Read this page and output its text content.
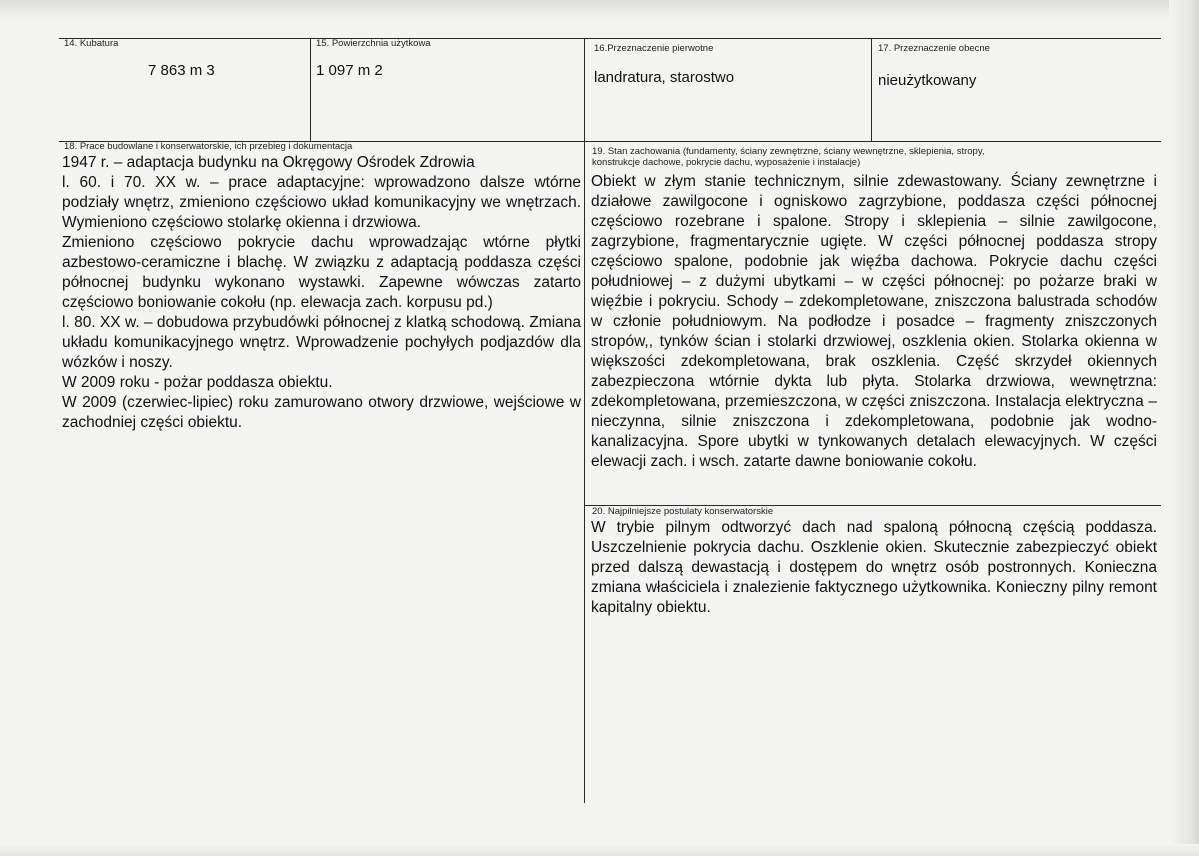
14. Kubatura
7 863 m 3
15. Powierzchnia użytkowa
1 097 m 2
16.Przeznaczenie pierwotne
landratura, starostwo
17. Przeznaczenie obecne
nieużytkowany
18. Prace budowlane i konserwatorskie, ich przebieg i dokumentacja

1947 r. – adaptacja budynku na Okręgowy Ośrodek Zdrowia

l. 60. i 70. XX w. – prace adaptacyjne: wprowadzono dalsze wtórne podziały wnętrz, zmieniono częściowo układ komunikacyjny we wnętrzach. Wymieniono częściowo stolarkę okienna i drzwiowa.

Zmieniono częściowo pokrycie dachu wprowadzając wtórne płytki azbestowo-ceramiczne i blachę. W związku z adaptacją poddasza części północnej budynku wykonano wystawki. Zapewne wówczas zatarto częściowo boniowanie cokołu (np. elewacja zach. korpusu pd.)

l. 80. XX w. – dobudowa przybudówki północnej z klatką schodową. Zmiana układu komunikacyjnego wnętrz. Wprowadzenie pochyłych podjazdów dla wózków i noszy.

W 2009 roku - pożar poddasza obiektu.

W 2009 (czerwiec-lipiec) roku zamurowano otwory drzwiowe, wejściowe w zachodniej części obiektu.

19. Stan zachowania (fundamenty, ściany zewnętrzne, ściany wewnętrzne, sklepienia, stropy,
konstrukcje dachowe, pokrycie dachu, wyposażenie i instalacje)

Obiekt w złym stanie technicznym, silnie zdewastowany. Ściany zewnętrzne i działowe zawilgocone i ogniskowo zagrzybione, poddasza części północnej częściowo rozebrane i spalone. Stropy i sklepienia – silnie zawilgocone, zagrzybione, fragmentarycznie ugięte. W części północnej poddasza stropy częściowo spalone, podobnie jak więźba dachowa. Pokrycie dachu części południowej – z dużymi ubytkami – w części północnej: po pożarze braki w więźbie i pokryciu. Schody – zdekompletowane, zniszczona balustrada schodów w członie południowym. Na podłodze i posadce – fragmenty zniszczonych stropów,, tynków ścian i stolarki drzwiowej, oszklenia okien. Stolarka okienna w większości zdekompletowana, brak oszklenia. Część skrzydeł okiennych zabezpieczona wtórnie dykta lub płyta. Stolarka drzwiowa, wewnętrzna: zdekompletowana, przemieszczona, w części zniszczona. Instalacja elektryczna – nieczynna, silnie zniszczona i zdekompletowana, podobnie jak wodno-kanalizacyjna. Spore ubytki w tynkowanych detalach elewacyjnych. W części elewacji zach. i wsch. zatarte dawne boniowanie cokołu.

20. Najpilniejsze postulaty konserwatorskie

W trybie pilnym odtworzyć dach nad spaloną północną częścią poddasza. Uszczelnienie pokrycia dachu. Oszklenie okien. Skutecznie zabezpieczyć obiekt przed dalszą dewastacją i dostępem do wnętrz osób postronnych. Konieczna zmiana właściciela i znalezienie faktycznego użytkownika. Konieczny pilny remont kapitalny obiektu.
